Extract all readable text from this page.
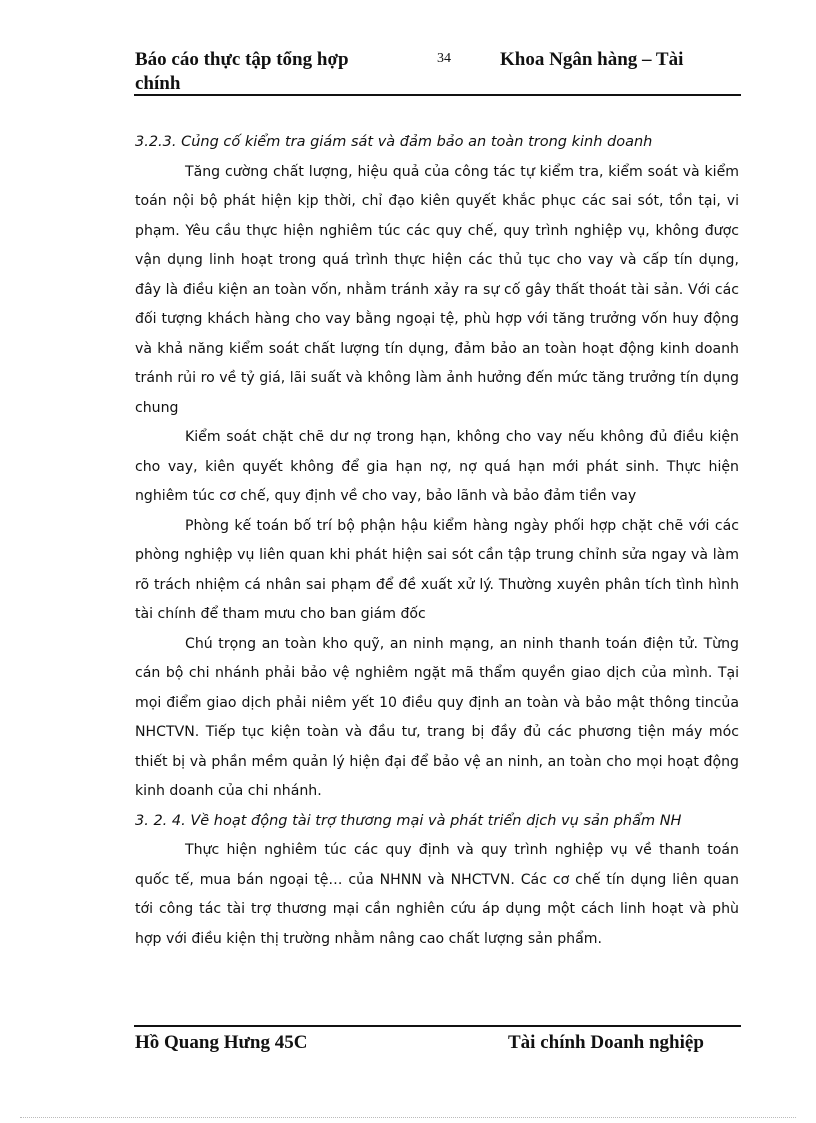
Báo cáo thực tập tổng hợp chính
34	Khoa Ngân hàng – Tài

3.2.3. Củng cố kiểm tra giám sát và đảm bảo an toàn trong kinh doanh

Tăng cường chất lượng, hiệu quả của công tác tự kiểm tra, kiểm soát và kiểm toán nội bộ phát hiện kịp thời, chỉ đạo kiên quyết khắc phục các sai sót, tồn tại, vi phạm. Yêu cầu thực hiện nghiêm túc các quy chế, quy trình nghiệp vụ, không được vận dụng linh hoạt trong quá trình thực hiện các thủ tục cho vay và cấp tín dụng, đây là điều kiện an toàn vốn, nhằm tránh xảy ra sự cố gây thất thoát tài sản. Với các đối tượng khách hàng cho vay bằng ngoại tệ, phù hợp với tăng trưởng vốn huy động và khả năng kiểm soát chất lượng tín dụng, đảm bảo an toàn hoạt động kinh doanh tránh rủi ro về tỷ giá, lãi suất và không làm ảnh hưởng đến mức tăng trưởng tín dụng chung

Kiểm soát chặt chẽ dư nợ trong hạn, không cho vay nếu không đủ điều kiện cho vay, kiên quyết không để gia hạn nợ, nợ quá hạn mới phát sinh. Thực hiện nghiêm túc cơ chế, quy định về cho vay, bảo lãnh và bảo đảm tiền vay

Phòng kế toán bố trí bộ phận hậu kiểm hàng ngày phối hợp chặt chẽ với các phòng nghiệp vụ liên quan khi phát hiện sai sót cần tập trung chỉnh sửa ngay và làm rõ trách nhiệm cá nhân sai phạm để đề xuất xử lý. Thường xuyên phân tích tình hình tài chính để tham mưu cho ban giám đốc

Chú trọng an toàn kho quỹ, an ninh mạng, an ninh thanh toán điện tử. Từng cán bộ chi nhánh phải bảo vệ nghiêm ngặt mã thẩm quyền giao dịch của mình. Tại mọi điểm giao dịch phải niêm yết 10 điều quy định an toàn và bảo mật thông tincủa NHCTVN. Tiếp tục kiện toàn và đầu tư, trang bị đầy đủ các phương tiện máy móc thiết bị và phần mềm quản lý hiện đại để bảo vệ an ninh, an toàn cho mọi hoạt động kinh doanh của chi nhánh.

3. 2. 4. Về hoạt động tài trợ thương mại và phát triển dịch vụ sản phẩm NH

Thực hiện nghiêm túc các quy định và quy trình nghiệp vụ về thanh toán quốc tế, mua bán ngoại tệ… của NHNN và NHCTVN. Các cơ chế tín dụng liên quan tới công tác tài trợ thương mại cần nghiên cứu áp dụng một cách linh hoạt và phù hợp với điều kiện thị trường nhằm nâng cao chất lượng sản phẩm.

Hồ Quang Hưng 45C	Tài chính Doanh nghiệp
